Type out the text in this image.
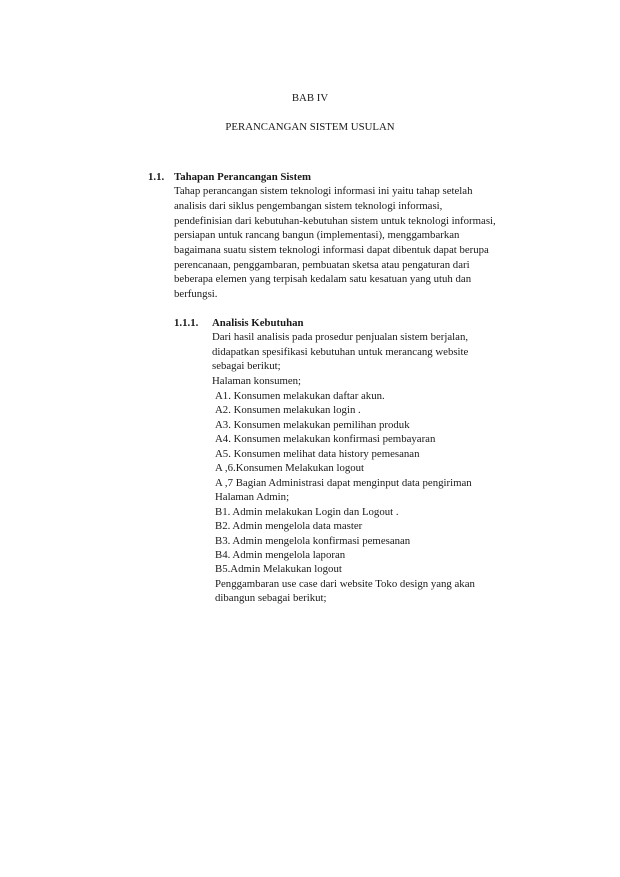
BAB IV
PERANCANGAN SISTEM USULAN
1.1. Tahapan Perancangan Sistem
Tahap perancangan sistem teknologi informasi ini yaitu tahap setelah
analisis dari siklus pengembangan sistem teknologi informasi,
pendefinisian dari kebutuhan-kebutuhan sistem untuk teknologi informasi,
persiapan untuk rancang bangun (implementasi), menggambarkan
bagaimana suatu sistem teknologi informasi dapat dibentuk dapat berupa
perencanaan, penggambaran, pembuatan sketsa atau pengaturan dari
beberapa elemen yang terpisah kedalam satu kesatuan yang utuh dan
berfungsi.
1.1.1. Analisis Kebutuhan
Dari hasil analisis pada prosedur penjualan sistem berjalan,
didapatkan spesifikasi kebutuhan untuk merancang website
sebagai berikut;
Halaman konsumen;
A1. Konsumen melakukan daftar akun.
A2. Konsumen melakukan login .
A3. Konsumen melakukan pemilihan produk
A4. Konsumen melakukan konfirmasi pembayaran
A5. Konsumen melihat data history pemesanan
A ,6.Konsumen Melakukan logout
A ,7 Bagian Administrasi dapat menginput data pengiriman
Halaman Admin;
B1. Admin melakukan Login dan Logout .
B2. Admin mengelola data master
B3. Admin mengelola konfirmasi pemesanan
B4. Admin mengelola laporan
B5.Admin Melakukan logout
Penggambaran use case dari website Toko design yang akan
dibangun sebagai berikut;
